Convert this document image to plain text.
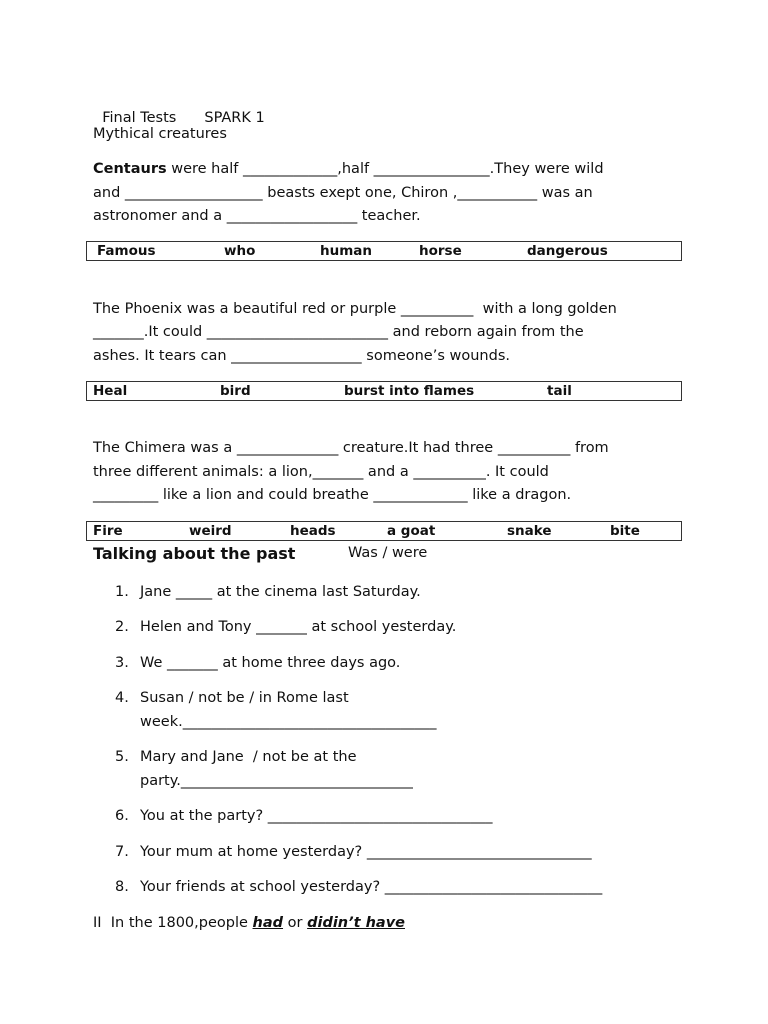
Final Tests SPARK 1

Mythical creatures
Centaurs were half _____________,half ________________.They were wild
and ___________________ beasts exept one, Chiron ,___________ was an
astronomer and a __________________ teacher.
Famous	who	human	horse	dangerous
The Phoenix was a beautiful red or purple __________  with a long golden
_______.It could _________________________ and reborn again from the
ashes. It tears can __________________ someone’s wounds.
Heal	bird	burst into flames	tail
The Chimera was a ______________ creature.It had three __________ from
three different animals: a lion,_______ and a __________. It could
_________ like a lion and could breathe _____________ like a dragon.
Fire	weird	heads	a goat	snake	bite
Talking about the past	Was / were
1. Jane _____ at the cinema last Saturday.
2. Helen and Tony _______ at school yesterday.
3. We _______ at home three days ago.
4. Susan / not be / in Rome last
week.___________________________________
5. Mary and Jane  / not be at the
party.________________________________
6. You at the party? _______________________________
7. Your mum at home yesterday? _______________________________
8. Your friends at school yesterday? ______________________________
II  In the 1800,people had or didin’t have
